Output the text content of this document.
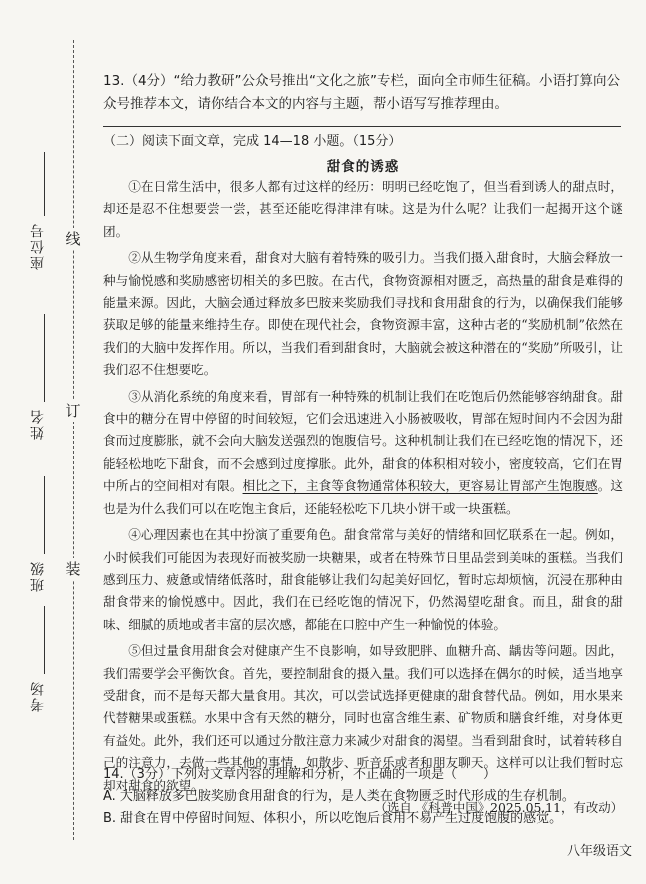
线
订
装
座位号
姓名
班级
考场

13.（4分）“给力教研”公众号推出“文化之旅”专栏，面向全市师生征稿。小语打算向公众号推荐本文，请你结合本文的内容与主题，帮小语写写推荐理由。

（二）阅读下面文章，完成 14—18 小题。（15分）
甜食的诱惑

①在日常生活中，很多人都有过这样的经历：明明已经吃饱了，但当看到诱人的甜点时，却还是忍不住想要尝一尝，甚至还能吃得津津有味。这是为什么呢？让我们一起揭开这个谜团。

②从生物学角度来看，甜食对大脑有着特殊的吸引力。当我们摄入甜食时，大脑会释放一种与愉悦感和奖励感密切相关的多巴胺。在古代，食物资源相对匮乏，高热量的甜食是难得的能量来源。因此，大脑会通过释放多巴胺来奖励我们寻找和食用甜食的行为，以确保我们能够获取足够的能量来维持生存。即使在现代社会，食物资源丰富，这种古老的“奖励机制”依然在我们的大脑中发挥作用。所以，当我们看到甜食时，大脑就会被这种潜在的“奖励”所吸引，让我们忍不住想要吃。

③从消化系统的角度来看，胃部有一种特殊的机制让我们在吃饱后仍然能够容纳甜食。甜食中的糖分在胃中停留的时间较短，它们会迅速进入小肠被吸收，胃部在短时间内不会因为甜食而过度膨胀，就不会向大脑发送强烈的饱腹信号。这种机制让我们在已经吃饱的情况下，还能轻松地吃下甜食，而不会感到过度撑胀。此外，甜食的体积相对较小，密度较高，它们在胃中所占的空间相对有限。相比之下，主食等食物通常体积较大，更容易让胃部产生饱腹感。这也是为什么我们可以在吃饱主食后，还能轻松吃下几块小饼干或一块蛋糕。

④心理因素也在其中扮演了重要角色。甜食常常与美好的情绪和回忆联系在一起。例如，小时候我们可能因为表现好而被奖励一块糖果，或者在特殊节日里品尝到美味的蛋糕。当我们感到压力、疲惫或情绪低落时，甜食能够让我们勾起美好回忆，暂时忘却烦恼，沉浸在那种由甜食带来的愉悦感中。因此，我们在已经吃饱的情况下，仍然渴望吃甜食。而且，甜食的甜味、细腻的质地或者丰富的层次感，都能在口腔中产生一种愉悦的体验。

⑤但过量食用甜食会对健康产生不良影响，如导致肥胖、血糖升高、龋齿等问题。因此，我们需要学会平衡饮食。首先，要控制甜食的摄入量。我们可以选择在偶尔的时候，适当地享受甜食，而不是每天都大量食用。其次，可以尝试选择更健康的甜食替代品。例如，用水果来代替糖果或蛋糕。水果中含有天然的糖分，同时也富含维生素、矿物质和膳食纤维，对身体更有益处。此外，我们还可以通过分散注意力来减少对甜食的渴望。当看到甜食时，试着转移自己的注意力，去做一些其他的事情，如散步、听音乐或者和朋友聊天。这样可以让我们暂时忘却对甜食的欲望。

（选自 《科普中国》2025.05.11，有改动）

14.（3分）下列对文章内容的理解和分析，不正确的一项是（　　）

A. 大脑释放多巴胺奖励食用甜食的行为，是人类在食物匮乏时代形成的生存机制。

B. 甜食在胃中停留时间短、体积小，所以吃饱后食用不易产生过度饱腹的感觉。

八年级语文
